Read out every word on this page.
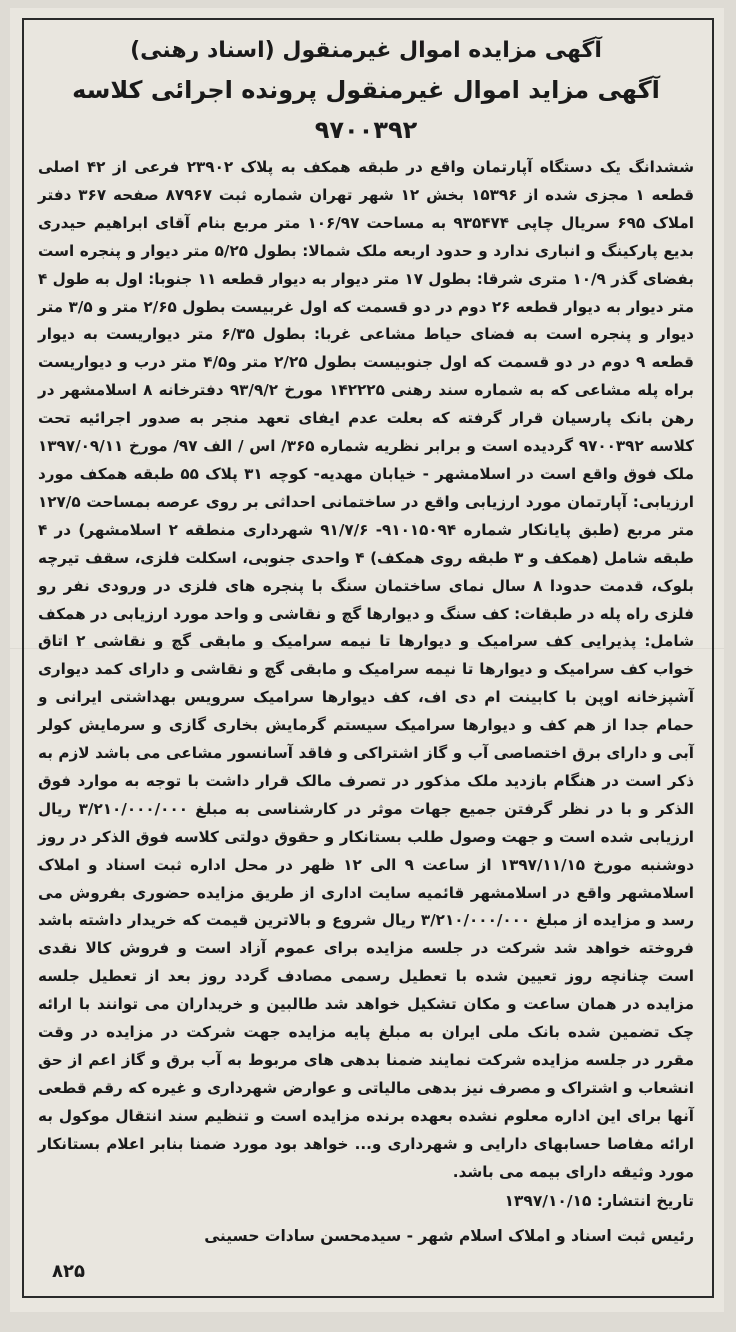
آگهی مزایده اموال غیرمنقول (اسناد رهنی)
آگهی مزاید اموال غیرمنقول پرونده اجرائی کلاسه ۹۷۰۰۳۹۲

ششدانگ یک دستگاه آپارتمان واقع در طبقه همکف به پلاک ۲۳۹۰۲ فرعی از ۴۲ اصلی قطعه ۱ مجزی شده از ۱۵۳۹۶ بخش ۱۲ شهر تهران شماره ثبت ۸۷۹۶۷ صفحه ۳۶۷ دفتر املاک ۶۹۵ سریال چاپی ۹۳۵۴۷۴ به مساحت ۱۰۶/۹۷ متر مربع بنام آقای ابراهیم حیدری بدیع پارکینگ و انباری ندارد و حدود اربعه ملک شمالا: بطول ۵/۲۵ متر دیوار و پنجره است بفضای گذر ۱۰/۹ متری شرقا: بطول ۱۷ متر دیوار به دیوار قطعه ۱۱ جنوبا: اول به طول ۴ متر دیوار به دیوار قطعه ۲۶ دوم در دو قسمت که اول غربیست بطول ۲/۶۵ متر و ۳/۵ متر دیوار و پنجره است به فضای حیاط مشاعی غربا: بطول ۶/۳۵ متر دیواریست به دیوار قطعه ۹ دوم در دو قسمت که اول جنوبیست بطول ۲/۲۵ متر و۴/۵ متر درب و دیواریست براه پله مشاعی که به شماره سند رهنی ۱۴۲۲۲۵ مورخ ۹۳/۹/۲ دفترخانه ۸ اسلامشهر در رهن بانک پارسیان قرار گرفته که بعلت عدم ایفای تعهد منجر به صدور اجرائیه تحت کلاسه ۹۷۰۰۳۹۲ گردیده است و برابر نظریه شماره ۳۶۵/ اس / الف ۹۷/ مورخ ۱۳۹۷/۰۹/۱۱ ملک فوق واقع است در اسلامشهر - خیابان مهدیه- کوچه ۳۱ پلاک ۵۵ طبقه همکف مورد ارزیابی: آپارتمان مورد ارزیابی واقع در ساختمانی احداثی بر روی عرصه بمساحت ۱۲۷/۵ متر مربع (طبق پایانکار شماره ۹۱۰۱۵۰۹۴- ۹۱/۷/۶ شهرداری منطقه ۲ اسلامشهر) در ۴ طبقه شامل (همکف و ۳ طبقه روی همکف) ۴ واحدی جنوبی، اسکلت فلزی، سقف تیرچه بلوک، قدمت حدودا ۸ سال نمای ساختمان سنگ با پنجره های فلزی در ورودی نفر رو فلزی راه پله در طبقات: کف سنگ و دیوارها گچ و نقاشی و واحد مورد ارزیابی در همکف شامل: پذیرایی کف سرامیک و دیوارها تا نیمه سرامیک و مابقی گچ و نقاشی ۲ اتاق خواب کف سرامیک و دیوارها تا نیمه سرامیک و مابقی گچ و نقاشی و دارای کمد دیواری آشپزخانه اوپن با کابینت ام دی اف، کف دیوارها سرامیک سرویس بهداشتی ایرانی و حمام جدا از هم کف و دیوارها سرامیک سیستم گرمایش بخاری گازی و سرمایش کولر آبی و دارای برق اختصاصی آب و گاز اشتراکی و فاقد آسانسور مشاعی می باشد لازم به ذکر است در هنگام بازدید ملک مذکور در تصرف مالک قرار داشت با توجه به موارد فوق الذکر و با در نظر گرفتن جمیع جهات موثر در کارشناسی به مبلغ ۳/۲۱۰/۰۰۰/۰۰۰ ریال ارزیابی شده است و جهت وصول طلب بستانکار و حقوق دولتی کلاسه فوق الذکر در روز دوشنبه مورخ ۱۳۹۷/۱۱/۱۵ از ساعت ۹ الی ۱۲ ظهر در محل اداره ثبت اسناد و املاک اسلامشهر واقع در اسلامشهر قائمیه سایت اداری از طریق مزایده حضوری بفروش می رسد و مزایده از مبلغ ۳/۲۱۰/۰۰۰/۰۰۰ ریال شروع و بالاترین قیمت که خریدار داشته باشد فروخته خواهد شد شرکت در جلسه مزایده برای عموم آزاد است و فروش کالا نقدی است چنانچه روز تعیین شده با تعطیل رسمی مصادف گردد روز بعد از تعطیل جلسه مزایده در همان ساعت و مکان تشکیل خواهد شد طالبین و خریداران می توانند با ارائه چک تضمین شده بانک ملی ایران به مبلغ پایه مزایده جهت شرکت در مزایده در وقت مقرر در جلسه مزایده شرکت نمایند ضمنا بدهی های مربوط به آب برق و گاز اعم از حق انشعاب و اشتراک و مصرف نیز بدهی مالیاتی و عوارض شهرداری و غیره که رقم قطعی آنها برای این اداره معلوم نشده بعهده برنده مزایده است و تنظیم سند انتقال موکول به ارائه مفاصا حسابهای دارایی و شهرداری و... خواهد بود مورد ضمنا بنابر اعلام بستانکار مورد وثیقه دارای بیمه می باشد.

تاریخ انتشار: ۱۳۹۷/۱۰/۱۵

رئیس ثبت اسناد و املاک اسلام شهر - سیدمحسن سادات حسینی

۸۲۵
